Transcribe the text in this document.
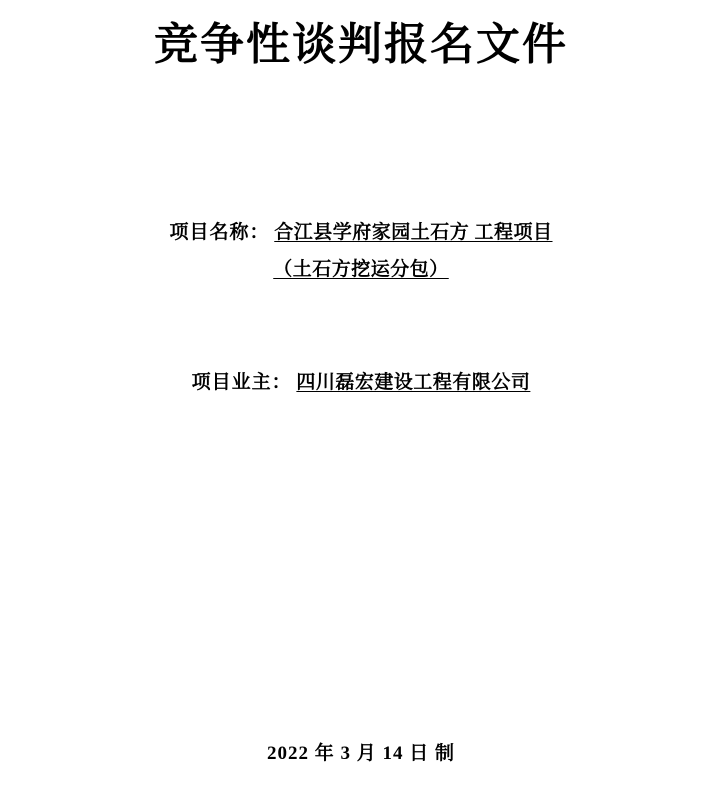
竞争性谈判报名文件
项目名称： 合江县学府家园土石方 工程项目
（土石方挖运分包）
项目业主： 四川磊宏建设工程有限公司
2022 年 3 月 14 日 制
